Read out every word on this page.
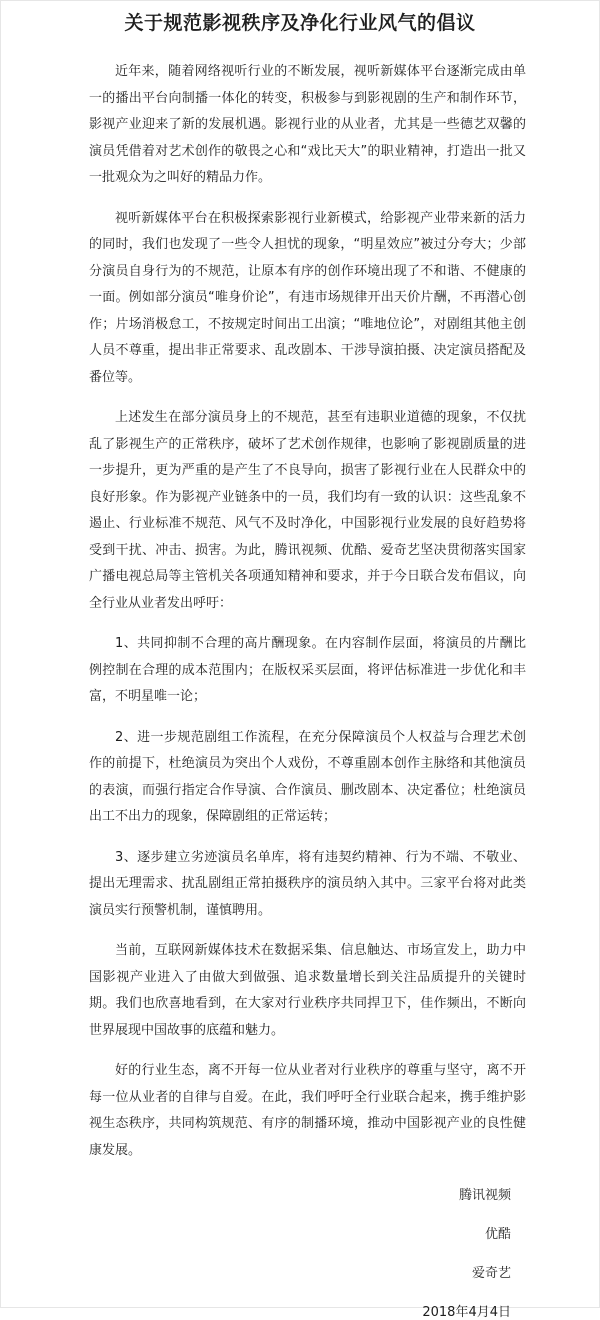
关于规范影视秩序及净化行业风气的倡议

近年来，随着网络视听行业的不断发展，视听新媒体平台逐渐完成由单一的播出平台向制播一体化的转变，积极参与到影视剧的生产和制作环节，影视产业迎来了新的发展机遇。影视行业的从业者，尤其是一些德艺双馨的演员凭借着对艺术创作的敬畏之心和“戏比天大”的职业精神，打造出一批又一批观众为之叫好的精品力作。

视听新媒体平台在积极探索影视行业新模式，给影视产业带来新的活力的同时，我们也发现了一些令人担忧的现象，“明星效应”被过分夸大；少部分演员自身行为的不规范，让原本有序的创作环境出现了不和谐、不健康的一面。例如部分演员“唯身价论”，有违市场规律开出天价片酬，不再潜心创作；片场消极怠工，不按规定时间出工出演；“唯地位论”，对剧组其他主创人员不尊重，提出非正常要求、乱改剧本、干涉导演拍摄、决定演员搭配及番位等。

上述发生在部分演员身上的不规范，甚至有违职业道德的现象，不仅扰乱了影视生产的正常秩序，破坏了艺术创作规律，也影响了影视剧质量的进一步提升，更为严重的是产生了不良导向，损害了影视行业在人民群众中的良好形象。作为影视产业链条中的一员，我们均有一致的认识：这些乱象不遏止、行业标准不规范、风气不及时净化，中国影视行业发展的良好趋势将受到干扰、冲击、损害。为此，腾讯视频、优酷、爱奇艺坚决贯彻落实国家广播电视总局等主管机关各项通知精神和要求，并于今日联合发布倡议，向全行业从业者发出呼吁：

1、共同抑制不合理的高片酬现象。在内容制作层面，将演员的片酬比例控制在合理的成本范围内；在版权采买层面，将评估标准进一步优化和丰富，不明星唯一论；

2、进一步规范剧组工作流程，在充分保障演员个人权益与合理艺术创作的前提下，杜绝演员为突出个人戏份，不尊重剧本创作主脉络和其他演员的表演，而强行指定合作导演、合作演员、删改剧本、决定番位；杜绝演员出工不出力的现象，保障剧组的正常运转；

3、逐步建立劣迹演员名单库，将有违契约精神、行为不端、不敬业、提出无理需求、扰乱剧组正常拍摄秩序的演员纳入其中。三家平台将对此类演员实行预警机制，谨慎聘用。

当前，互联网新媒体技术在数据采集、信息触达、市场宣发上，助力中国影视产业进入了由做大到做强、追求数量增长到关注品质提升的关键时期。我们也欣喜地看到，在大家对行业秩序共同捍卫下，佳作频出，不断向世界展现中国故事的底蕴和魅力。

好的行业生态，离不开每一位从业者对行业秩序的尊重与坚守，离不开每一位从业者的自律与自爱。在此，我们呼吁全行业联合起来，携手维护影视生态秩序，共同构筑规范、有序的制播环境，推动中国影视产业的良性健康发展。

腾讯视频

优酷

爱奇艺

2018年4月4日
